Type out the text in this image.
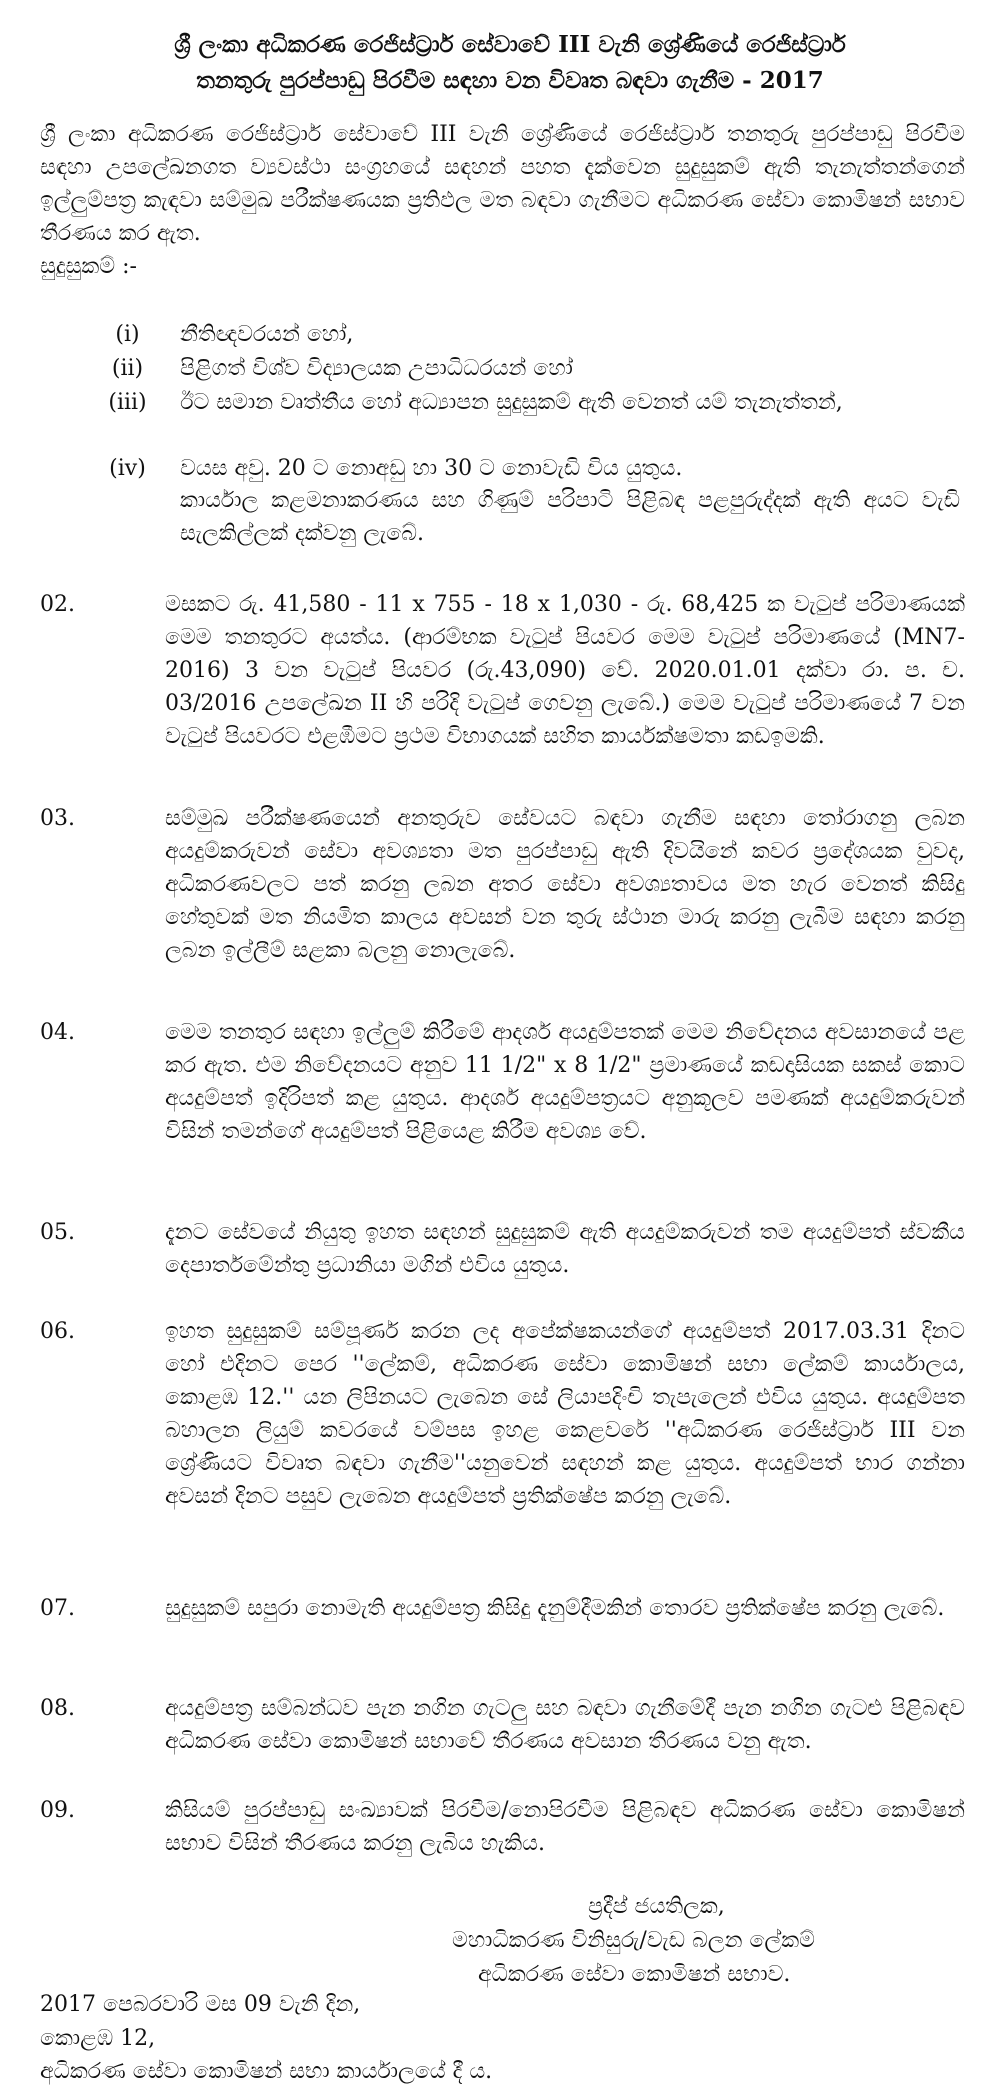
ශ්‍රී ලංකා අධිකරණ රෙජිස්ට්‍රාර් සේවාවේ III වැනි ශ්‍රේණියේ රෙජිස්ට්‍රාර්
තනතුරු පුරප්පාඩු පිරවීම සඳහා වන විවෘත බඳවා ගැනීම - 2017
ශ්‍රී ලංකා අධිකරණ රෙජිස්ට්‍රාර් සේවාවේ III වැනි ශ්‍රේණියේ රෙජිස්ට්‍රාර් තනතුරු පුරප්පාඩු පිරවීම සඳහා උපලේඛනගත ව්‍යවස්ථා සංග්‍රහයේ සඳහන් පහත දැක්වෙන සුදුසුකම් ඇති තැනැත්තන්ගෙන් ඉල්ලුම්පත්‍ර කැඳවා සම්මුඛ පරීක්ෂණයක ප්‍රතිඵල මත බඳවා ගැනීමට අධිකරණ සේවා කොමිෂන් සභාව තීරණය කර ඇත.
සුදුසුකම් :-
(i)	නීතිඥවරයන් හෝ,
(ii)	පිළිගත් විශ්ව විද්‍යාලයක උපාධිධරයන් හෝ
(iii)	ඊට සමාන වෘත්තීය හෝ අධ්‍යාපන සුදුසුකම් ඇති වෙනත් යම් තැනැත්තන්,
(iv)	වයස අවු. 20 ට නොඅඩු හා 30 ට නොවැඩි විය යුතුය.
කාර්යාල කළමනාකරණය සහ ගිණුම් පරිපාටි පිළිබඳ පළපුරුද්දක් ඇති අයට වැඩි සැලකිල්ලක් දක්වනු ලැබේ.
02.	මසකට රු. 41,580 - 11 x 755 - 18 x 1,030 - රු. 68,425 ක වැටුප් පරිමාණයක් මෙම තනතුරට අයත්ය. (ආරම්භක වැටුප් පියවර මෙම වැටුප් පරිමාණයේ (MN7-2016) 3 වන වැටුප් පියවර (රු.43,090) වේ. 2020.01.01 දක්වා රා. ප. ච. 03/2016 උපලේඛන II හි පරිදි වැටුප් ගෙවනු ලැබේ.) මෙම වැටුප් පරිමාණයේ 7 වන වැටුප් පියවරට එළඹීමට ප්‍රථම විභාගයක් සහිත කාර්යක්ෂමතා කඩඉමකි.
03.	සම්මුඛ පරීක්ෂණයෙන් අනතුරුව සේවයට බඳවා ගැනීම සඳහා තෝරාගනු ලබන අයදුම්කරුවන් සේවා අවශ්‍යතා මත පුරප්පාඩු ඇති දිවයිනේ කවර ප්‍රදේශයක වුවද, අධිකරණවලට පත් කරනු ලබන අතර සේවා අවශ්‍යතාවය මත හැර වෙනත් කිසිදු හේතුවක් මත නියමිත කාලය අවසන් වන තුරු ස්ථාන මාරු කරනු ලැබීම සඳහා කරනු ලබන ඉල්ලීම් සළකා බලනු නොලැබේ.
04.	මෙම තනතුර සඳහා ඉල්ලුම් කිරීමේ ආදර්ශ අයදුම්පතක් මෙම නිවේදනය අවසානයේ පළ කර ඇත. එම නිවේදනයට අනුව 11 1/2" x 8 1/2" ප්‍රමාණයේ කඩදාසියක සකස් කොට අයදුම්පත් ඉදිරිපත් කළ යුතුය. ආදර්ශ අයදුම්පත්‍රයට අනුකූලව පමණක් අයදුම්කරුවන් විසින් තමන්ගේ අයදුම්පත් පිළියෙළ කිරීම අවශ්‍ය වේ.
05.	දැනට සේවයේ නියුතු ඉහත සඳහන් සුදුසුකම් ඇති අයදුම්කරුවන් තම අයදුම්පත් ස්වකීය දෙපාර්තමේන්තු ප්‍රධානියා මගින් එවිය යුතුය.
06.	ඉහත සුදුසුකම් සම්පූර්ණ කරන ලද අපේක්ෂකයන්ගේ අයදුම්පත් 2017.03.31 දිනට හෝ එදිනට පෙර ''ලේකම්, අධිකරණ සේවා කොමිෂන් සභා ලේකම් කාර්යාලය, කොළඹ 12.'' යන ලිපිනයට ලැබෙන සේ ලියාපදිංචි තැපැලෙන් එවිය යුතුය. අයදුම්පත බහාලන ලියුම් කවරයේ වම්පස ඉහළ කෙළවරේ ''අධිකරණ රෙජිස්ට්‍රාර් III වන ශ්‍රේණියට විවෘත බඳවා ගැනීම''යනුවෙන් සඳහන් කළ යුතුය. අයදුම්පත් භාර ගන්නා අවසන් දිනට පසුව ලැබෙන අයදුම්පත් ප්‍රතික්ෂේප කරනු ලැබේ.
07.	සුදුසුකම් සපුරා නොමැති අයදුම්පත්‍ර කිසිදු දැනුම්දීමකින් තොරව ප්‍රතික්ෂේප කරනු ලැබේ.
08.	අයදුම්පත්‍ර සම්බන්ධව පැන නගින ගැටලු සහ බඳවා ගැනීමේදී පැන නගින ගැටළු පිළිබඳව අධිකරණ සේවා කොමිෂන් සභාවේ තීරණය අවසාන තීරණය වනු ඇත.
09.	කිසියම් පුරප්පාඩු සංඛ්‍යාවක් පිරවීම/නොපිරවීම පිළිබඳව අධිකරණ සේවා කොමිෂන් සභාව විසින් තීරණය කරනු ලැබිය හැකිය.
ප්‍රදීප් ජයතිලක,
මහාධිකරණ විනිසුරු/වැඩ බලන ලේකම්
අධිකරණ සේවා කොමිෂන් සභාව.
2017 පෙබරවාරි මස 09 වැනි දින,
කොළඹ 12,
අධිකරණ සේවා කොමිෂන් සභා කාර්යාලයේ දී ය.
